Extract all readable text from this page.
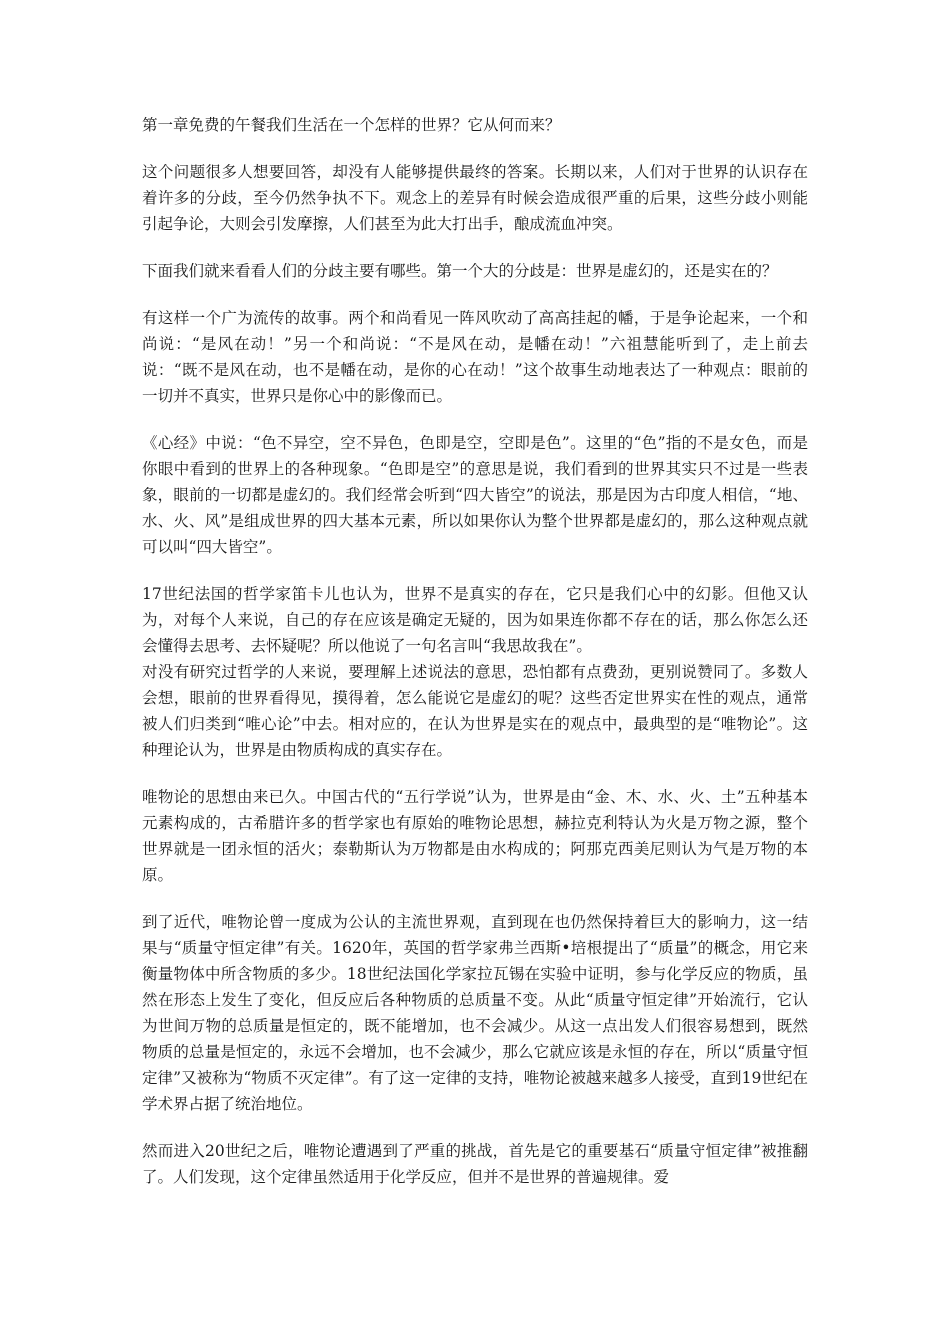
第一章免费的午餐我们生活在一个怎样的世界？它从何而来？

这个问题很多人想要回答，却没有人能够提供最终的答案。长期以来，人们对于世界的认识存在着许多的分歧，至今仍然争执不下。观念上的差异有时候会造成很严重的后果，这些分歧小则能引起争论，大则会引发摩擦，人们甚至为此大打出手，酿成流血冲突。

下面我们就来看看人们的分歧主要有哪些。第一个大的分歧是：世界是虚幻的，还是实在的？

有这样一个广为流传的故事。两个和尚看见一阵风吹动了高高挂起的幡，于是争论起来，一个和尚说：“是风在动！”另一个和尚说：“不是风在动，是幡在动！”六祖慧能听到了，走上前去说：“既不是风在动，也不是幡在动，是你的心在动！”这个故事生动地表达了一种观点：眼前的一切并不真实，世界只是你心中的影像而已。

《心经》中说：“色不异空，空不异色，色即是空，空即是色”。这里的“色”指的不是女色，而是你眼中看到的世界上的各种现象。“色即是空”的意思是说，我们看到的世界其实只不过是一些表象，眼前的一切都是虚幻的。我们经常会听到“四大皆空”的说法，那是因为古印度人相信，“地、水、火、风”是组成世界的四大基本元素，所以如果你认为整个世界都是虚幻的，那么这种观点就可以叫“四大皆空”。

17世纪法国的哲学家笛卡儿也认为，世界不是真实的存在，它只是我们心中的幻影。但他又认为，对每个人来说，自己的存在应该是确定无疑的，因为如果连你都不存在的话，那么你怎么还会懂得去思考、去怀疑呢？所以他说了一句名言叫“我思故我在”。

对没有研究过哲学的人来说，要理解上述说法的意思，恐怕都有点费劲，更别说赞同了。多数人会想，眼前的世界看得见，摸得着，怎么能说它是虚幻的呢？这些否定世界实在性的观点，通常被人们归类到“唯心论”中去。相对应的，在认为世界是实在的观点中，最典型的是“唯物论”。这种理论认为，世界是由物质构成的真实存在。

唯物论的思想由来已久。中国古代的“五行学说”认为，世界是由“金、木、水、火、土”五种基本元素构成的，古希腊许多的哲学家也有原始的唯物论思想，赫拉克利特认为火是万物之源，整个世界就是一团永恒的活火；泰勒斯认为万物都是由水构成的；阿那克西美尼则认为气是万物的本原。

到了近代，唯物论曾一度成为公认的主流世界观，直到现在也仍然保持着巨大的影响力，这一结果与“质量守恒定律”有关。1620年，英国的哲学家弗兰西斯•培根提出了“质量”的概念，用它来衡量物体中所含物质的多少。18世纪法国化学家拉瓦锡在实验中证明，参与化学反应的物质，虽然在形态上发生了变化，但反应后各种物质的总质量不变。从此“质量守恒定律”开始流行，它认为世间万物的总质量是恒定的，既不能增加，也不会减少。从这一点出发人们很容易想到，既然物质的总量是恒定的，永远不会增加，也不会减少，那么它就应该是永恒的存在，所以“质量守恒定律”又被称为“物质不灭定律”。有了这一定律的支持，唯物论被越来越多人接受，直到19世纪在学术界占据了统治地位。

然而进入20世纪之后，唯物论遭遇到了严重的挑战，首先是它的重要基石“质量守恒定律”被推翻了。人们发现，这个定律虽然适用于化学反应，但并不是世界的普遍规律。爱
